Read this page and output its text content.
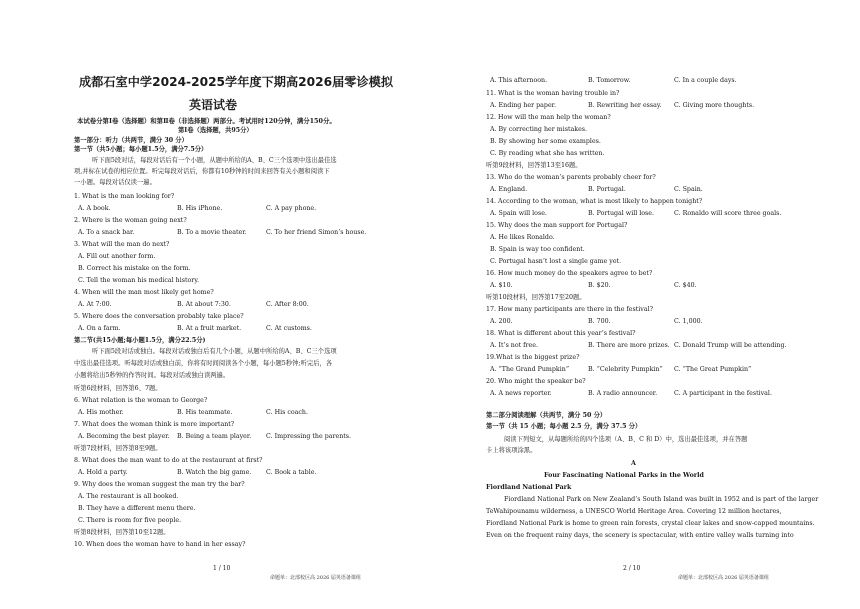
成都石室中学2024-2025学年度下期高2026届零诊模拟
英语试卷
本试卷分第Ⅰ卷（选择题）和第Ⅱ卷（非选择题）两部分。考试用时120分钟，满分150分。
第Ⅰ卷（选择题，共95分）
第一部分：听力（共两节，满分 30 分）
第一节（共5小题；每小题1.5分，满分7.5分）
听下面5段对话，每段对话后有一个小题，从题中所给的A、B、C三个选项中选出最佳选
项,并标在试卷的相应位置。听完每段对话后，你都有10秒钟的时间来回答有关小题和阅读下
一小题。每段对话仅读一遍。
1. What is the man looking for?
A. A book.	B. His iPhone.	C. A pay phone.
2. Where is the woman going next?
A. To a snack bar.	B. To a movie theater.	C. To her friend Simon’s house.
3. What will the man do next?
A. Fill out another form.
B. Correct his mistake on the form.
C. Tell the woman his medical history.
4. When will the man most likely get home?
A. At 7:00.	B. At about 7:30.	C. After 8:00.
5. Where does the conversation probably take place?
A. On a farm.	B. At a fruit market.	C. At customs.
第二节(共15小题;每小题1.5分，满分22.5分)
听下面5段对话或独白。每段对话或独白后有几个小题，从题中所给的A、B、C三个选项
中选出最佳选项。听每段对话或独白前，你将有时间阅读各个小题，每小题5秒钟;听完后，各
小题将给出5秒钟的作答时间。每段对话或独白读两遍。
听第6段材料，回答第6、7题。
6. What relation is the woman to George?
A. His mother.	B. His teammate.	C. His coach.
7. What does the woman think is more important?
A. Becoming the best player. B. Being a team player. C. Impressing the parents.
听第7段材料，回答第8至9题。
8. What does the man want to do at the restaurant at first?
A. Hold a party.	B. Watch the big game. C. Book a table.
9. Why does the woman suggest the man try the bar?
A. The restaurant is all booked.
B. They have a different menu there.
C. There is room for five people.
听第8段材料，回答第10至12题。
10. When does the woman have to hand in her essay?
1 / 10
命题单：北部校区高 2026 届英语备课组
A. This afternoon.	B. Tomorrow.	C. In a couple days.
11. What is the woman having trouble in?
A. Ending her paper.	B. Rewriting her essay. C. Giving more thoughts.
12. How will the man help the woman?
A. By correcting her mistakes.
B. By showing her some examples.
C. By reading what she has written.
听第9段材料，回答第13至16题。
13. Who do the woman’s parents probably cheer for?
A. England.	B. Portugal.	C. Spain.
14. According to the woman, what is most likely to happen tonight?
A. Spain will lose.	B. Portugal will lose.	C. Ronaldo will score three goals.
15. Why does the man support for Portugal?
A. He likes Ronaldo.
B. Spain is way too confident.
C. Portugal hasn’t lost a single game yet.
16. How much money do the speakers agree to bet?
A. $10.	B. $20.	C. $40.
听第10段材料，回答第17至20题。
17. How many participants are there in the festival?
A. 200.	B. 700.	C. 1,000.
18. What is different about this year’s festival?
A. It’s not free.	B. There are more prizes. C. Donald Trump will be attending.
19.What is the biggest prize?
A. “The Grand Pumpkin”	B. “Celebrity Pumpkin” C. “The Great Pumpkin”
20. Who might the speaker be?
A. A news reporter.	B. A radio announcer.	C. A participant in the festival.
第二部分阅读理解（共两节，满分 50 分）
第一节（共 15 小题；每小题 2.5 分，满分 37.5 分）
阅读下列短文，从每题所给的四个选项（A、B、C 和 D）中，选出最佳选项，并在答题
卡上将该项涂黑。
A
Four Fascinating National Parks in the World
Fiordland National Park
Fiordland National Park on New Zealand’s South Island was built in 1952 and is part of the larger
TeWahipounamu wilderness, a UNESCO World Heritage Area. Covering 12 million hectares,
Fiordland National Park is home to green rain forests, crystal clear lakes and snow-capped mountains.
Even on the frequent rainy days, the scenery is spectacular, with entire valley walls turning into
2 / 10
命题单：北部校区高 2026 届英语备课组
